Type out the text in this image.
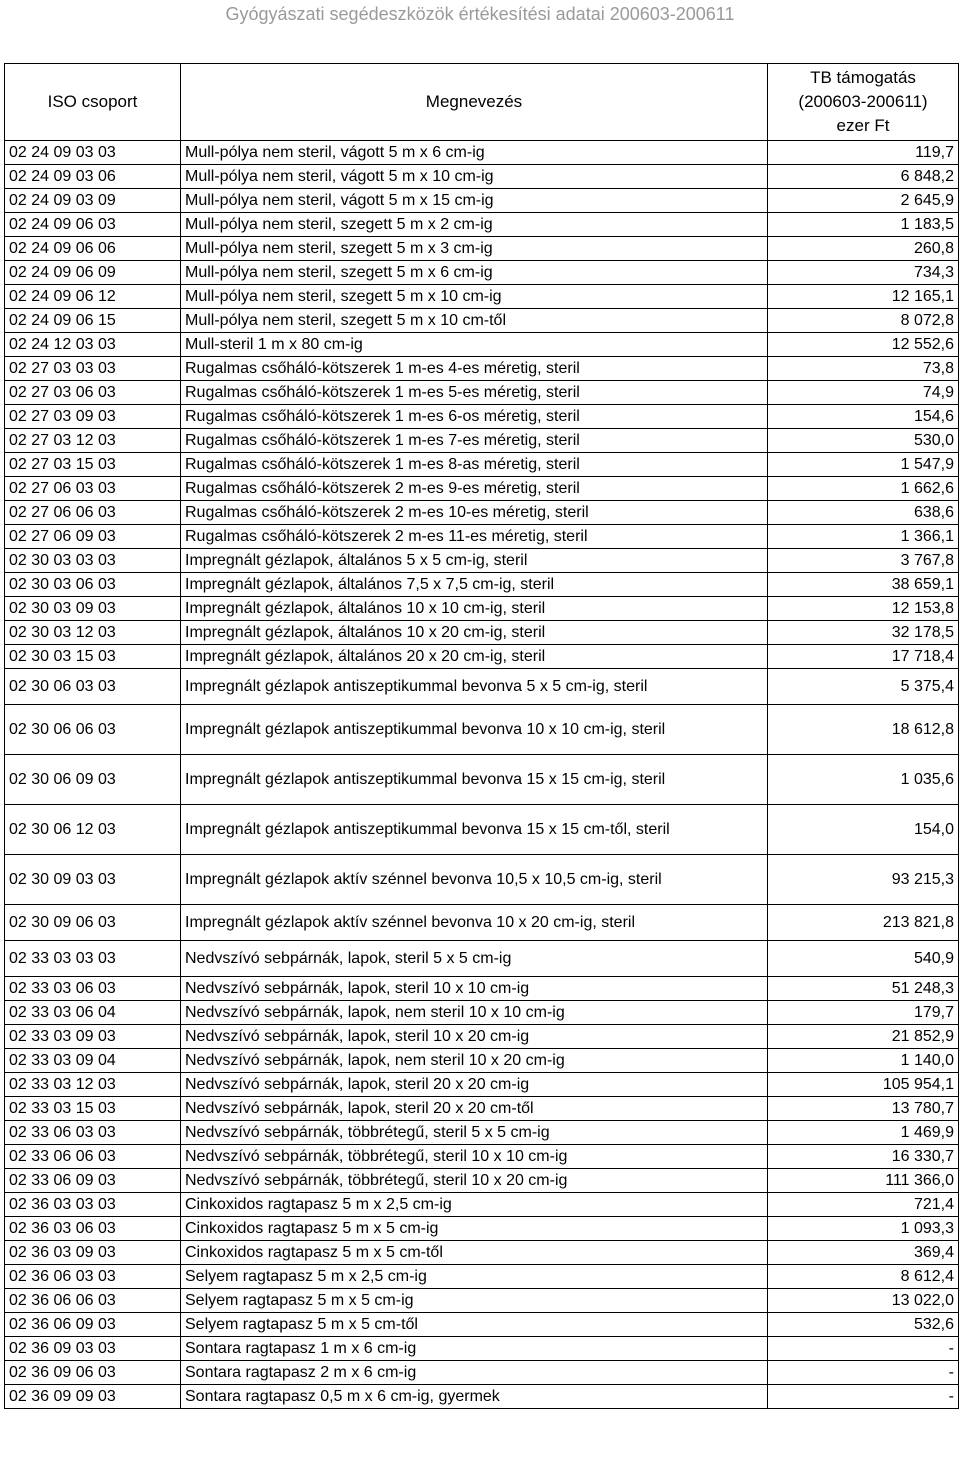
Gyógyászati segédeszközök értékesítési adatai 200603-200611
ISO csoport	Megnevezés	TB támogatás
(200603-200611)
ezer Ft

02 24 09 03 03	Mull-pólya nem steril, vágott 5 m x 6 cm-ig	119,7
02 24 09 03 06	Mull-pólya nem steril, vágott 5 m x 10 cm-ig	6 848,2
02 24 09 03 09	Mull-pólya nem steril, vágott 5 m x 15 cm-ig	2 645,9
02 24 09 06 03	Mull-pólya nem steril, szegett 5 m x 2 cm-ig	1 183,5
02 24 09 06 06	Mull-pólya nem steril, szegett 5 m x 3 cm-ig	260,8
02 24 09 06 09	Mull-pólya nem steril, szegett 5 m x 6 cm-ig	734,3
02 24 09 06 12	Mull-pólya nem steril, szegett 5 m x 10 cm-ig	12 165,1
02 24 09 06 15	Mull-pólya nem steril, szegett 5 m x 10 cm-től	8 072,8
02 24 12 03 03	Mull-steril 1 m x 80 cm-ig	12 552,6
02 27 03 03 03	Rugalmas csőháló-kötszerek 1 m-es 4-es méretig, steril	73,8
02 27 03 06 03	Rugalmas csőháló-kötszerek 1 m-es 5-es méretig, steril	74,9
02 27 03 09 03	Rugalmas csőháló-kötszerek 1 m-es 6-os méretig, steril	154,6
02 27 03 12 03	Rugalmas csőháló-kötszerek 1 m-es 7-es méretig, steril	530,0
02 27 03 15 03	Rugalmas csőháló-kötszerek 1 m-es 8-as méretig, steril	1 547,9
02 27 06 03 03	Rugalmas csőháló-kötszerek 2 m-es 9-es méretig, steril	1 662,6
02 27 06 06 03	Rugalmas csőháló-kötszerek 2 m-es 10-es méretig, steril	638,6
02 27 06 09 03	Rugalmas csőháló-kötszerek 2 m-es 11-es méretig, steril	1 366,1
02 30 03 03 03	Impregnált gézlapok, általános 5 x 5 cm-ig, steril	3 767,8
02 30 03 06 03	Impregnált gézlapok, általános 7,5 x 7,5 cm-ig, steril	38 659,1
02 30 03 09 03	Impregnált gézlapok, általános 10 x 10 cm-ig, steril	12 153,8
02 30 03 12 03	Impregnált gézlapok, általános 10 x 20 cm-ig, steril	32 178,5
02 30 03 15 03	Impregnált gézlapok, általános 20 x 20 cm-ig, steril	17 718,4
02 30 06 03 03	Impregnált gézlapok antiszeptikummal bevonva 5 x 5 cm-ig, steril	5 375,4
02 30 06 06 03	Impregnált gézlapok antiszeptikummal bevonva 10 x 10 cm-ig, steril	18 612,8
02 30 06 09 03	Impregnált gézlapok antiszeptikummal bevonva 15 x 15 cm-ig, steril	1 035,6
02 30 06 12 03	Impregnált gézlapok antiszeptikummal bevonva 15 x 15 cm-től, steril	154,0
02 30 09 03 03	Impregnált gézlapok aktív szénnel bevonva 10,5 x 10,5 cm-ig, steril	93 215,3
02 30 09 06 03	Impregnált gézlapok aktív szénnel bevonva 10 x 20 cm-ig, steril	213 821,8
02 33 03 03 03	Nedvszívó sebpárnák, lapok, steril 5 x 5 cm-ig	540,9
02 33 03 06 03	Nedvszívó sebpárnák, lapok, steril 10 x 10 cm-ig	51 248,3
02 33 03 06 04	Nedvszívó sebpárnák, lapok, nem steril 10 x 10 cm-ig	179,7
02 33 03 09 03	Nedvszívó sebpárnák, lapok, steril 10 x 20 cm-ig	21 852,9
02 33 03 09 04	Nedvszívó sebpárnák, lapok, nem steril 10 x 20 cm-ig	1 140,0
02 33 03 12 03	Nedvszívó sebpárnák, lapok, steril 20 x 20 cm-ig	105 954,1
02 33 03 15 03	Nedvszívó sebpárnák, lapok, steril 20 x 20 cm-től	13 780,7
02 33 06 03 03	Nedvszívó sebpárnák, többrétegű, steril 5 x 5 cm-ig	1 469,9
02 33 06 06 03	Nedvszívó sebpárnák, többrétegű, steril 10 x 10 cm-ig	16 330,7
02 33 06 09 03	Nedvszívó sebpárnák, többrétegű, steril 10 x 20 cm-ig	111 366,0
02 36 03 03 03	Cinkoxidos ragtapasz 5 m x 2,5 cm-ig	721,4
02 36 03 06 03	Cinkoxidos ragtapasz 5 m x 5 cm-ig	1 093,3
02 36 03 09 03	Cinkoxidos ragtapasz 5 m x 5 cm-től	369,4
02 36 06 03 03	Selyem ragtapasz 5 m x 2,5 cm-ig	8 612,4
02 36 06 06 03	Selyem ragtapasz 5 m x 5 cm-ig	13 022,0
02 36 06 09 03	Selyem ragtapasz 5 m x 5 cm-től	532,6
02 36 09 03 03	Sontara ragtapasz 1 m x 6 cm-ig	-
02 36 09 06 03	Sontara ragtapasz 2 m x 6 cm-ig	-
02 36 09 09 03	Sontara ragtapasz 0,5 m x 6 cm-ig, gyermek	-
